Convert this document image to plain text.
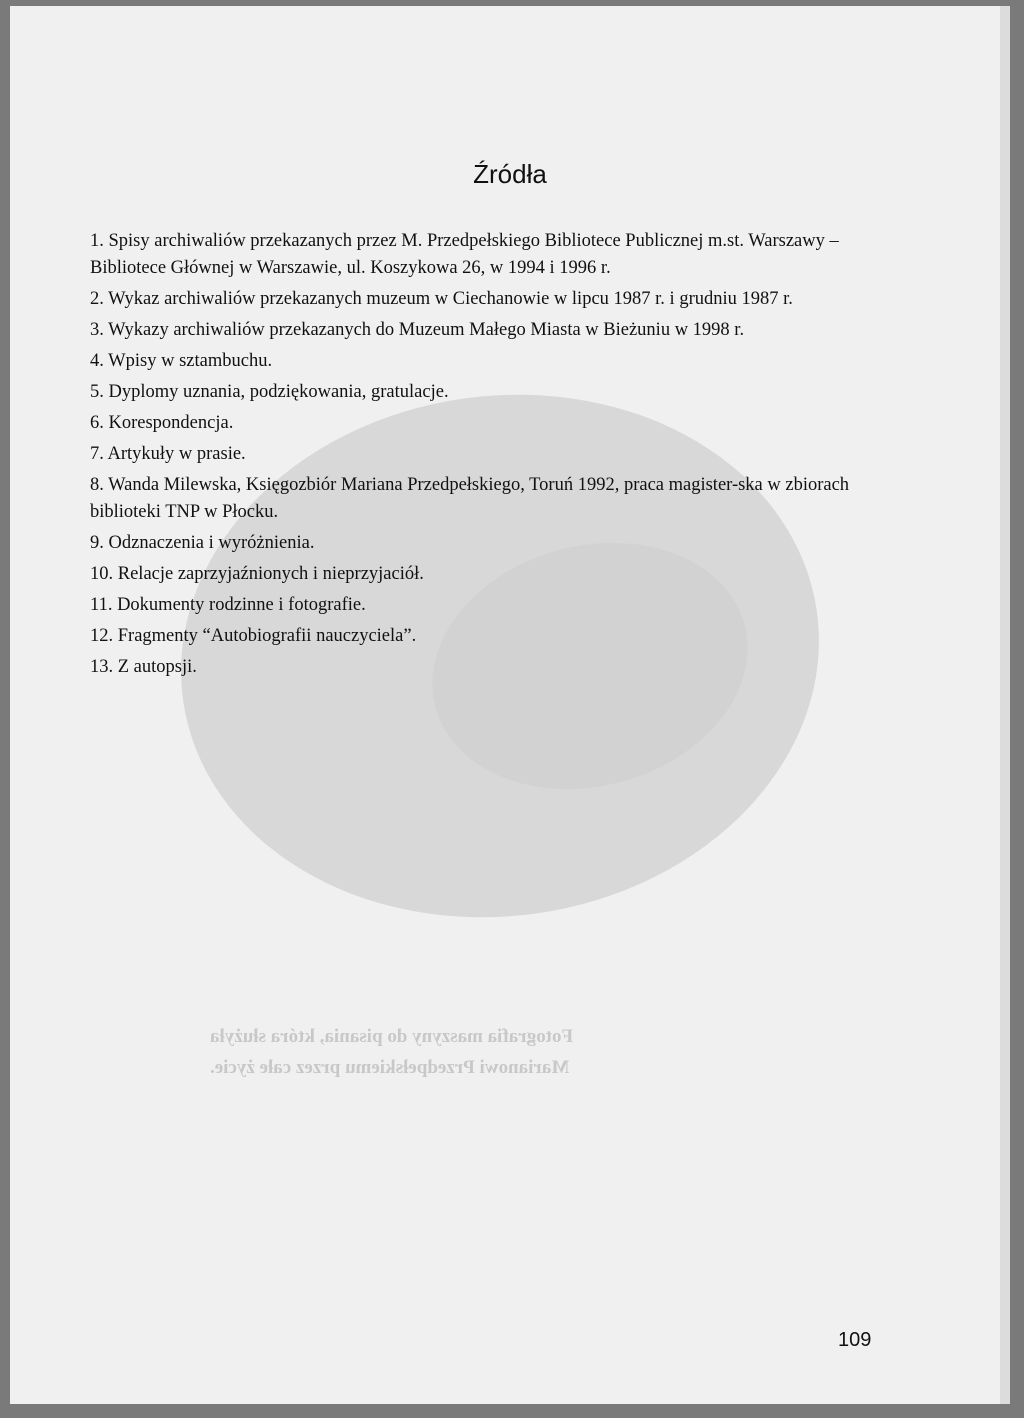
Źródła
1. Spisy archiwaliów przekazanych przez M. Przedpełskiego Bibliotece Publicznej m.st. Warszawy – Bibliotece Głównej w Warszawie, ul. Koszykowa 26, w 1994 i 1996 r.
2. Wykaz archiwaliów przekazanych muzeum w Ciechanowie w lipcu 1987 r. i grudniu 1987 r.
3. Wykazy archiwaliów przekazanych do Muzeum Małego Miasta w Bieżuniu w 1998 r.
4. Wpisy w sztambuchu.
5. Dyplomy uznania, podziękowania, gratulacje.
6. Korespondencja.
7. Artykuły w prasie.
8. Wanda Milewska, Księgozbiór Mariana Przedpełskiego, Toruń 1992, praca magister-ska w zbiorach biblioteki TNP w Płocku.
9. Odznaczenia i wyróżnienia.
10. Relacje zaprzyjaźnionych i nieprzyjaciół.
11. Dokumenty rodzinne i fotografie.
12. Fragmenty “Autobiografii nauczyciela”.
13. Z autopsji.
Fotografia maszyny do pisania, która służyła
Marianowi Przedpełskiemu przez całe życie.
109
